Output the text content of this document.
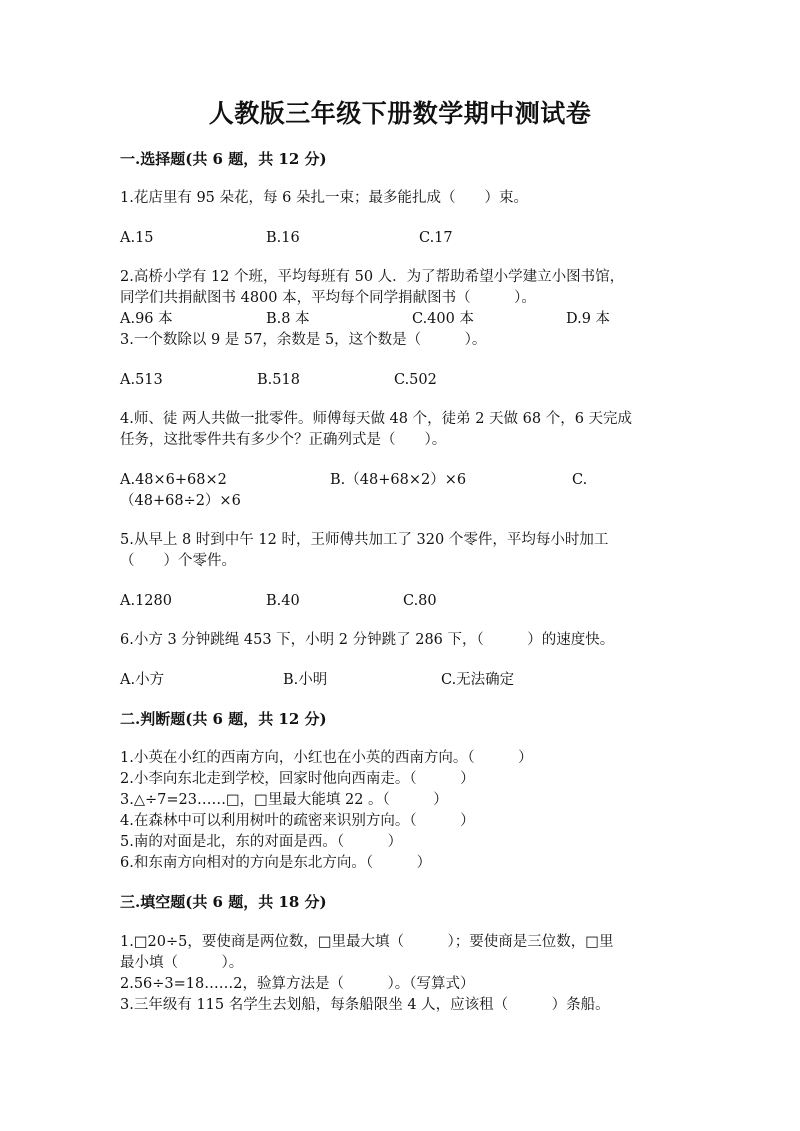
人教版三年级下册数学期中测试卷
一.选择题(共 6 题，共 12 分)
1.花店里有 95 朵花，每 6 朵扎一束；最多能扎成（　　）束。
A.15	B.16	C.17
2.高桥小学有 12 个班，平均每班有 50 人．为了帮助希望小学建立小图书馆，
同学们共捐献图书 4800 本，平均每个同学捐献图书（　　　）。
A.96 本	B.8 本	C.400 本	D.9 本
3.一个数除以 9 是 57，余数是 5，这个数是（　　　）。
A.513	B.518	C.502
4.师、徒 两人共做一批零件。师傅每天做 48 个，徒弟 2 天做 68 个，6 天完成
任务，这批零件共有多少个？正确列式是（　　）。
A.48×6+68×2	B.（48+68×2）×6	C.
（48+68÷2）×6
5.从早上 8 时到中午 12 时，王师傅共加工了 320 个零件，平均每小时加工
（　　）个零件。
A.1280	B.40	C.80
6.小方 3 分钟跳绳 453 下，小明 2 分钟跳了 286 下，（　　　）的速度快。
A.小方	B.小明	C.无法确定
二.判断题(共 6 题，共 12 分)
1.小英在小红的西南方向，小红也在小英的西南方向。（　　　）
2.小李向东北走到学校，回家时他向西南走。（　　　）
3.△÷7=23……□，□里最大能填 22 。（　　　）
4.在森林中可以利用树叶的疏密来识别方向。（　　　）
5.南的对面是北，东的对面是西。（　　　）
6.和东南方向相对的方向是东北方向。（　　　）
三.填空题(共 6 题，共 18 分)
1.□20÷5，要使商是两位数，□里最大填（　　　）；要使商是三位数，□里
最小填（　　　）。
2.56÷3=18……2，验算方法是（　　　）。（写算式）
3.三年级有 115 名学生去划船，每条船限坐 4 人，应该租（　　　）条船。
